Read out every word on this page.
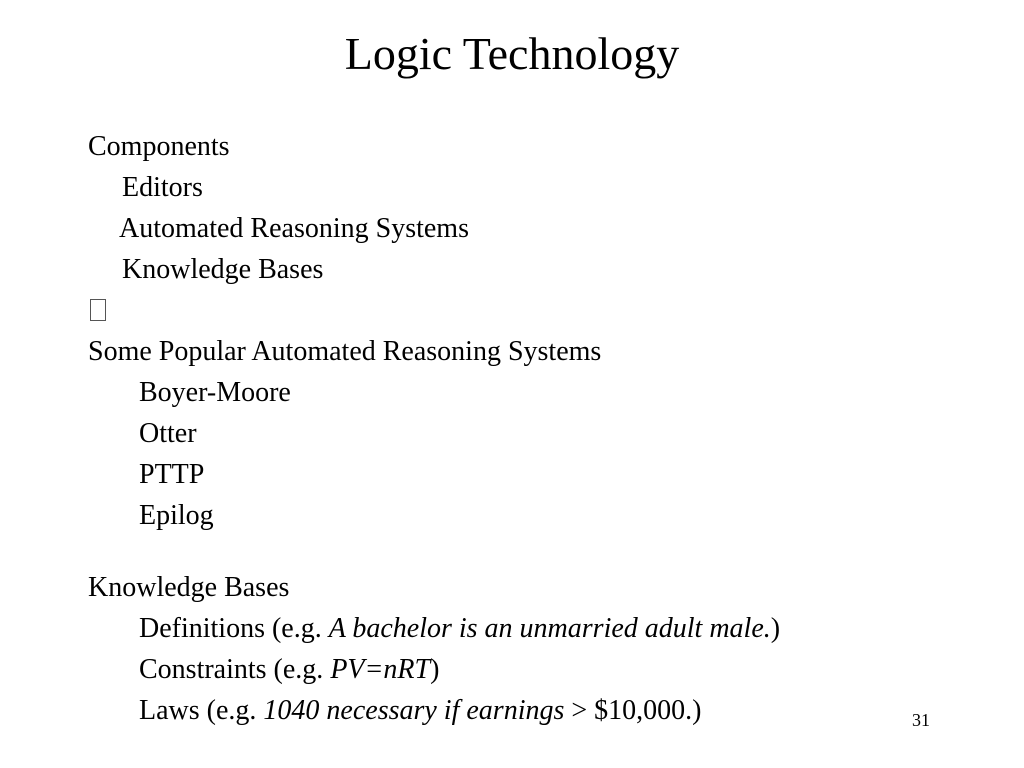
Logic Technology
Components
Editors
Automated Reasoning Systems
Knowledge Bases
Some Popular Automated Reasoning Systems
Boyer-Moore
Otter
PTTP
Epilog
Knowledge Bases
Definitions (e.g. A bachelor is an unmarried adult male.)
Constraints (e.g. PV=nRT)
Laws (e.g. 1040 necessary if earnings > $10,000.)	31
